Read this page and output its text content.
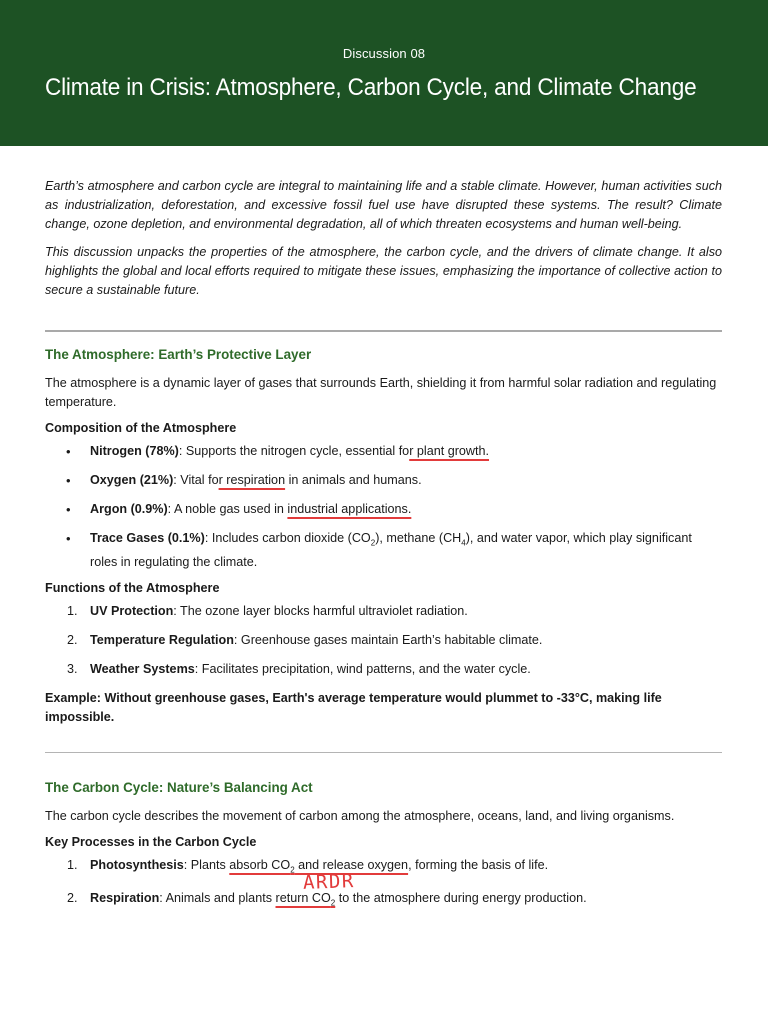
Discussion 08
Climate in Crisis: Atmosphere, Carbon Cycle, and Climate Change

Earth’s atmosphere and carbon cycle are integral to maintaining life and a stable climate. However, human activities such as industrialization, deforestation, and excessive fossil fuel use have disrupted these systems. The result? Climate change, ozone depletion, and environmental degradation, all of which threaten ecosystems and human well-being.

This discussion unpacks the properties of the atmosphere, the carbon cycle, and the drivers of climate change. It also highlights the global and local efforts required to mitigate these issues, emphasizing the importance of collective action to secure a sustainable future.

The Atmosphere: Earth’s Protective Layer

The atmosphere is a dynamic layer of gases that surrounds Earth, shielding it from harmful solar radiation and regulating temperature.

Composition of the Atmosphere
• Nitrogen (78%): Supports the nitrogen cycle, essential for plant growth.
• Oxygen (21%): Vital for respiration in animals and humans.
• Argon (0.9%): A noble gas used in industrial applications.
• Trace Gases (0.1%): Includes carbon dioxide $(CO_2)$, methane $(CH_4)$, and water vapor, which play significant roles in regulating the climate.
Functions of the Atmosphere
1. UV Protection: The ozone layer blocks harmful ultraviolet radiation.
2. Temperature Regulation: Greenhouse gases maintain Earth’s habitable climate.
3. Weather Systems: Facilitates precipitation, wind patterns, and the water cycle.

Example: Without greenhouse gases, Earth's average temperature would plummet to -33°C, making life impossible.

The Carbon Cycle: Nature’s Balancing Act

The carbon cycle describes the movement of carbon among the atmosphere, oceans, land, and living organisms.

Key Processes in the Carbon Cycle
1. Photosynthesis: Plants absorb $CO_2$ and release oxygen, forming the basis of life.
2. Respiration: Animals and plants return $CO_2$ to the atmosphere during energy production.
ARDR
